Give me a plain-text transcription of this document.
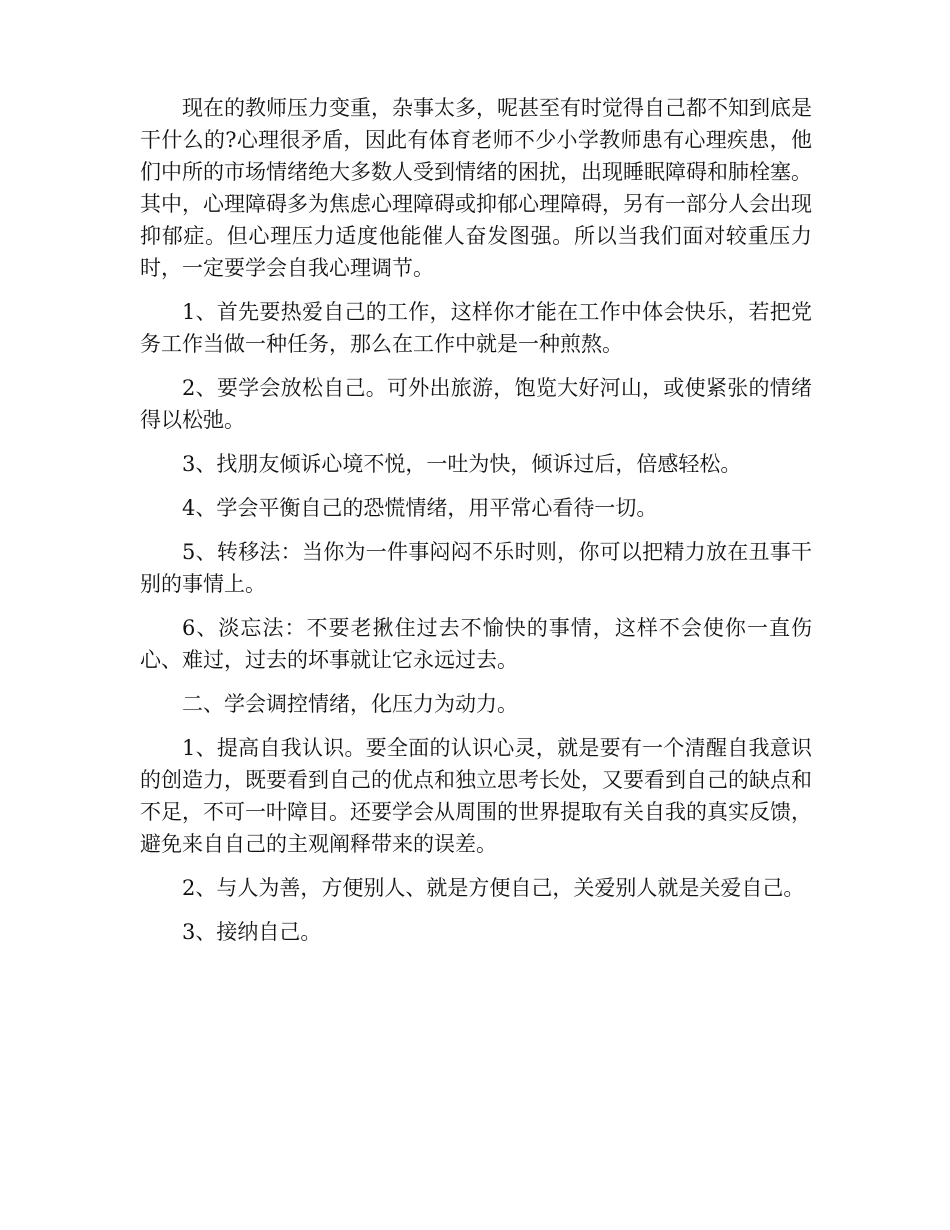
现在的教师压力变重，杂事太多，呢甚至有时觉得自己都不知到底是干什么的?心理很矛盾，因此有体育老师不少小学教师患有心理疾患，他们中所的市场情绪绝大多数人受到情绪的困扰，出现睡眠障碍和肺栓塞。其中，心理障碍多为焦虑心理障碍或抑郁心理障碍，另有一部分人会出现抑郁症。但心理压力适度他能催人奋发图强。所以当我们面对较重压力时，一定要学会自我心理调节。

1、首先要热爱自己的工作，这样你才能在工作中体会快乐，若把党务工作当做一种任务，那么在工作中就是一种煎熬。

2、要学会放松自己。可外出旅游，饱览大好河山，或使紧张的情绪得以松弛。

3、找朋友倾诉心境不悦，一吐为快，倾诉过后，倍感轻松。

4、学会平衡自己的恐慌情绪，用平常心看待一切。

5、转移法：当你为一件事闷闷不乐时则，你可以把精力放在丑事干别的事情上。

6、淡忘法：不要老揪住过去不愉快的事情，这样不会使你一直伤心、难过，过去的坏事就让它永远过去。

二、学会调控情绪，化压力为动力。

1、提高自我认识。要全面的认识心灵，就是要有一个清醒自我意识的创造力，既要看到自己的优点和独立思考长处，又要看到自己的缺点和不足，不可一叶障目。还要学会从周围的世界提取有关自我的真实反馈，避免来自自己的主观阐释带来的误差。

2、与人为善，方便别人、就是方便自己，关爱别人就是关爱自己。

3、接纳自己。
